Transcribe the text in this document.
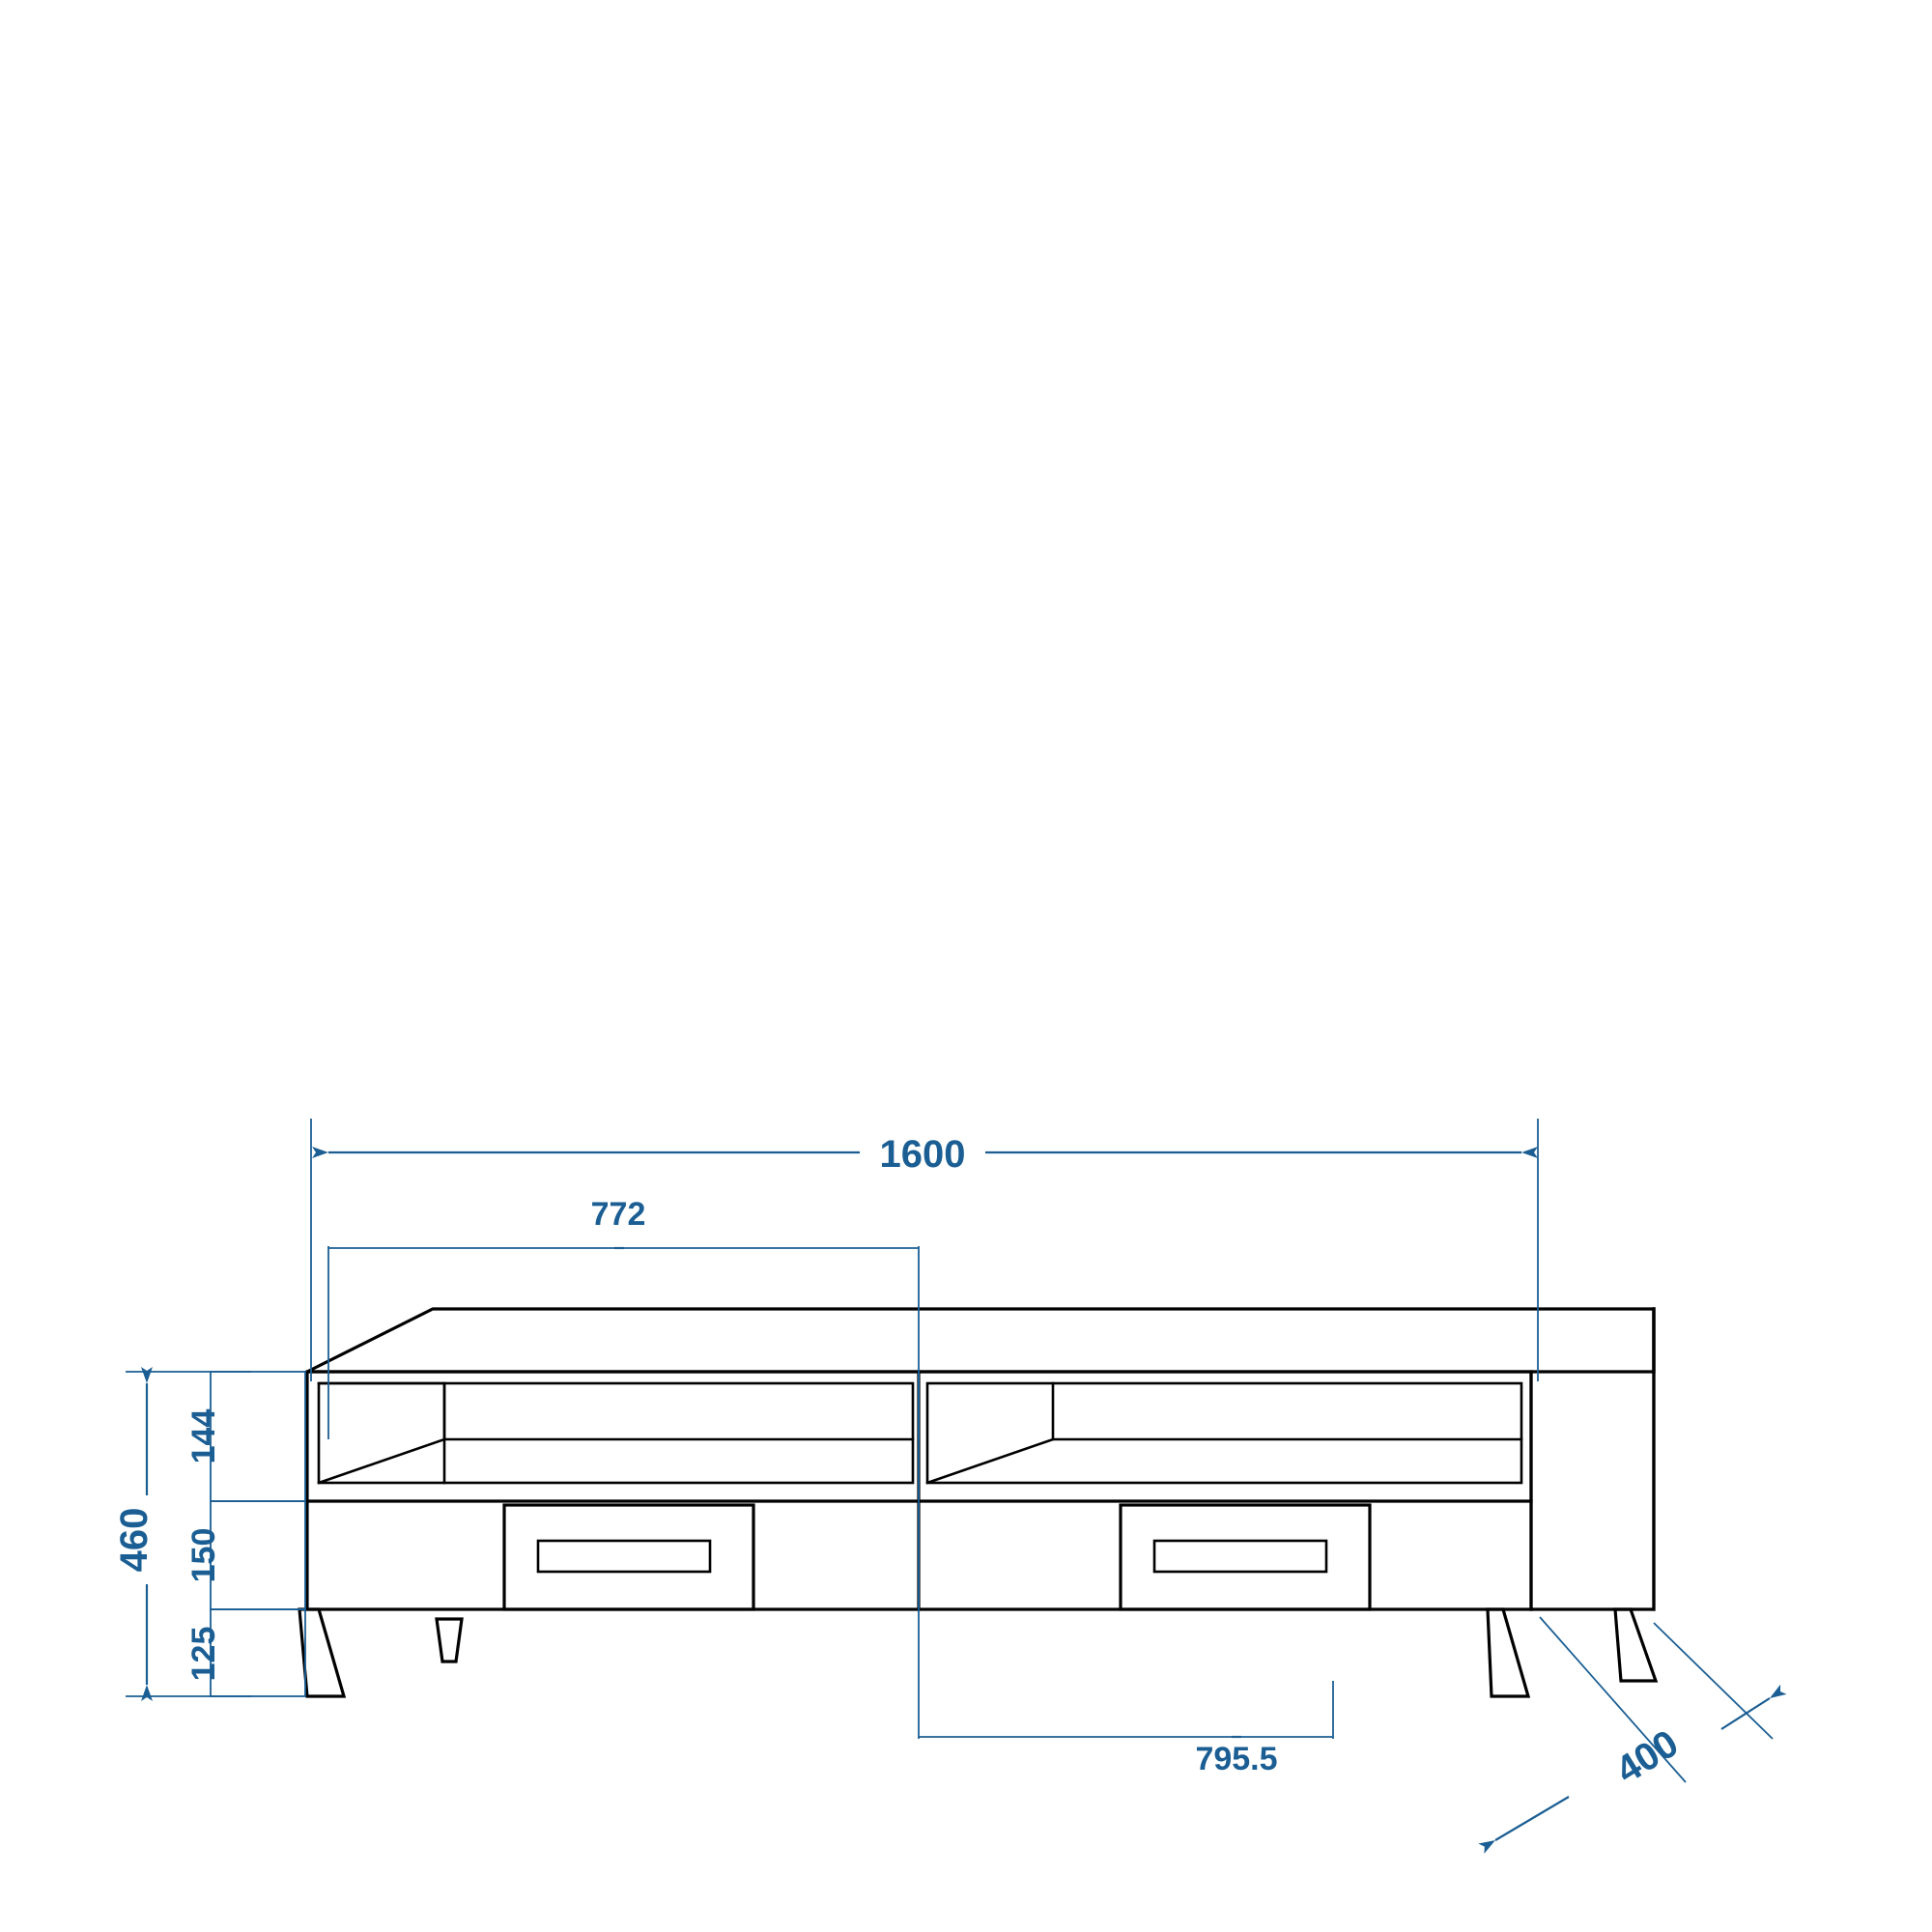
1600
772
460
144
150
125
795.5	400
